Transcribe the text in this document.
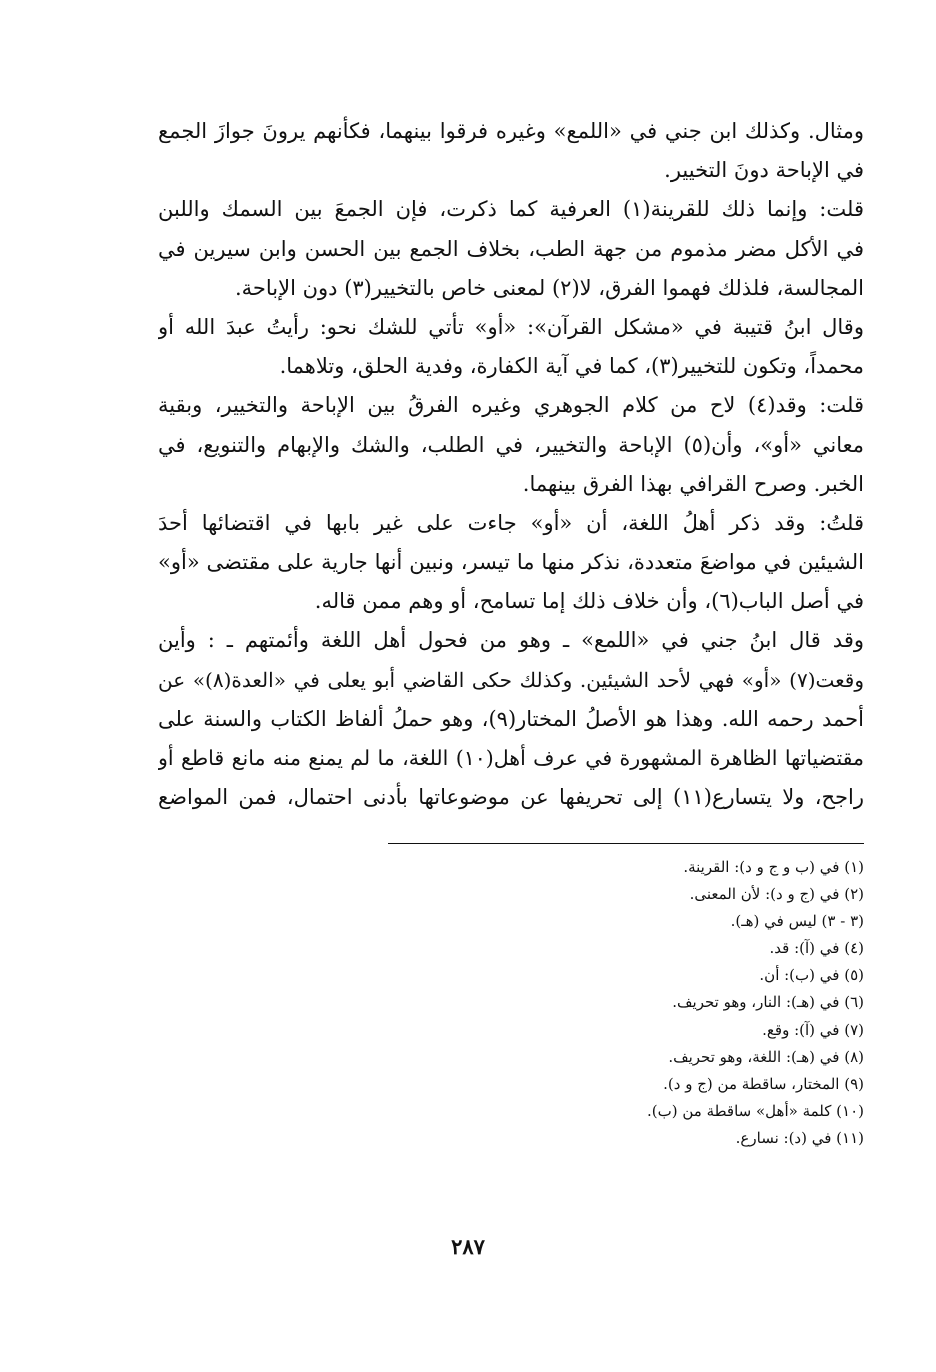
ومثال. وكذلك ابن جني في «اللمع» وغيره فرقوا بينهما، فكأنهم يرونَ جوازَ الجمع
في الإباحة دونَ التخيير.
قلت: وإنما ذلك للقرينة(١) العرفية كما ذكرت، فإن الجمعَ بين السمك واللبن
في الأكل مضر مذموم من جهة الطب، بخلاف الجمع بين الحسن وابن سيرين في
المجالسة، فلذلك فهموا الفرق، لا(٢) لمعنى خاص بالتخيير(٣) دون الإباحة.
وقال ابنُ قتيبة في «مشكل القرآن»: «أو» تأتي للشك نحو: رأيتُ عبدَ الله أو
محمداً، وتكون للتخيير(٣)، كما في آية الكفارة، وفدية الحلق، وتلاهما.
قلت: وقد(٤) لاح من كلام الجوهري وغيره الفرقُ بين الإباحة والتخيير، وبقية
معاني «أو»، وأن(٥) الإباحة والتخيير، في الطلب، والشك والإبهام والتنويع، في
الخبر. وصرح القرافي بهذا الفرق بينهما.
قلتُ: وقد ذكر أهلُ اللغة، أن «أو» جاءت على غير بابها في اقتضائها أحدَ
الشيئين في مواضعَ متعددة، نذكر منها ما تيسر، ونبين أنها جارية على مقتضى «أو»
في أصل الباب(٦)، وأن خلاف ذلك إما تسامح، أو وهم ممن قاله.
وقد قال ابنُ جني في «اللمع» ـ وهو من فحول أهل اللغة وأئمتهم ـ : وأين
وقعت(٧) «أو» فهي لأحد الشيئين. وكذلك حكى القاضي أبو يعلى في «العدة(٨)» عن
أحمد رحمه الله. وهذا هو الأصلُ المختار(٩)، وهو حملُ ألفاظ الكتاب والسنة على
مقتضياتها الظاهرة المشهورة في عرف أهل(١٠) اللغة، ما لم يمنع منه مانع قاطع أو
راجح، ولا يتسارع(١١) إلى تحريفها عن موضوعاتها بأدنى احتمال، فمن المواضع
(١) في (ب و ج و د): القرينة.
(٢) في (ج و د): لأن المعنى.
(٣ - ٣) ليس في (هـ).
(٤) في (آ): قد.
(٥) في (ب): أن.
(٦) في (هـ): النار، وهو تحريف.
(٧) في (آ): وقع.
(٨) في (هـ): اللغة، وهو تحريف.
(٩) المختار، ساقطة من (ج و د).
(١٠) كلمة «أهل» ساقطة من (ب).
(١١) في (د): نسارع.
٢٨٧
